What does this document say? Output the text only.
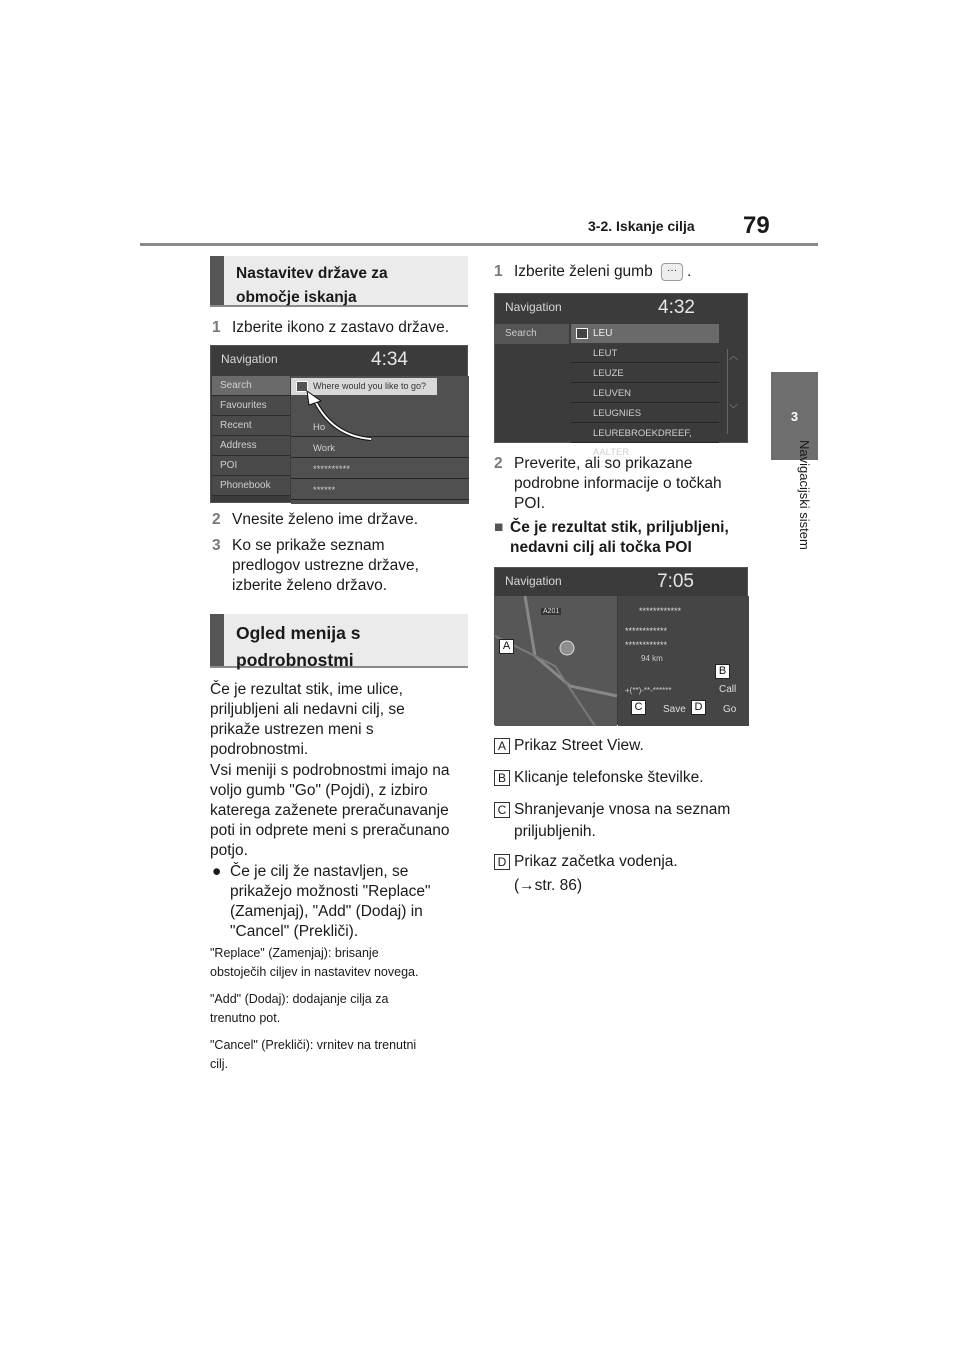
3-2. Iskanje cilja 79
3
Navigacijski sistem
Nastavitev države za
območje iskanja
1 Izberite ikono z zastavo države.
Navigation	4:34
Search
Favourites
Recent
Address
POI
Phonebook
Where would you like to go?
Ho
Work
**********
******
2 Vnesite želeno ime države.
3 Ko se prikaže seznam
predlogov ustrezne države,
izberite želeno državo.
Ogled menija s
podrobnostmi
Če je rezultat stik, ime ulice,
priljubljeni ali nedavni cilj, se
prikaže ustrezen meni s
podrobnostmi.
Vsi meniji s podrobnostmi imajo na
voljo gumb "Go" (Pojdi), z izbiro
katerega zaženete preračunavanje
poti in odprete meni s preračunano
potjo.
● Če je cilj že nastavljen, se
prikažejo možnosti "Replace"
(Zamenjaj), "Add" (Dodaj) in
"Cancel" (Prekliči).
"Replace" (Zamenjaj): brisanje
obstoječih ciljev in nastavitev novega.
"Add" (Dodaj): dodajanje cilja za
trenutno pot.
"Cancel" (Prekliči): vrnitev na trenutni
cilj.
1 Izberite želeni gumb ··· .
Navigation	4:32
Search	LEU
LEUT
LEUZE
LEUVEN
LEUGNIES
LEUREBROEKDREEF, AALTER
︿

﹀
2 Preverite, ali so prikazane
podrobne informacije o točkah
POI.
■ Če je rezultat stik, priljubljeni,
nedavni cilj ali točka POI
Navigation	7:05
A201	************
************
************
94 km
+(**)-**-******	Call
Save	Go
A
B
C	D
A Prikaz Street View.
B Klicanje telefonske številke.
C Shranjevanje vnosa na seznam
priljubljenih.
D Prikaz začetka vodenja.
(→str. 86)
